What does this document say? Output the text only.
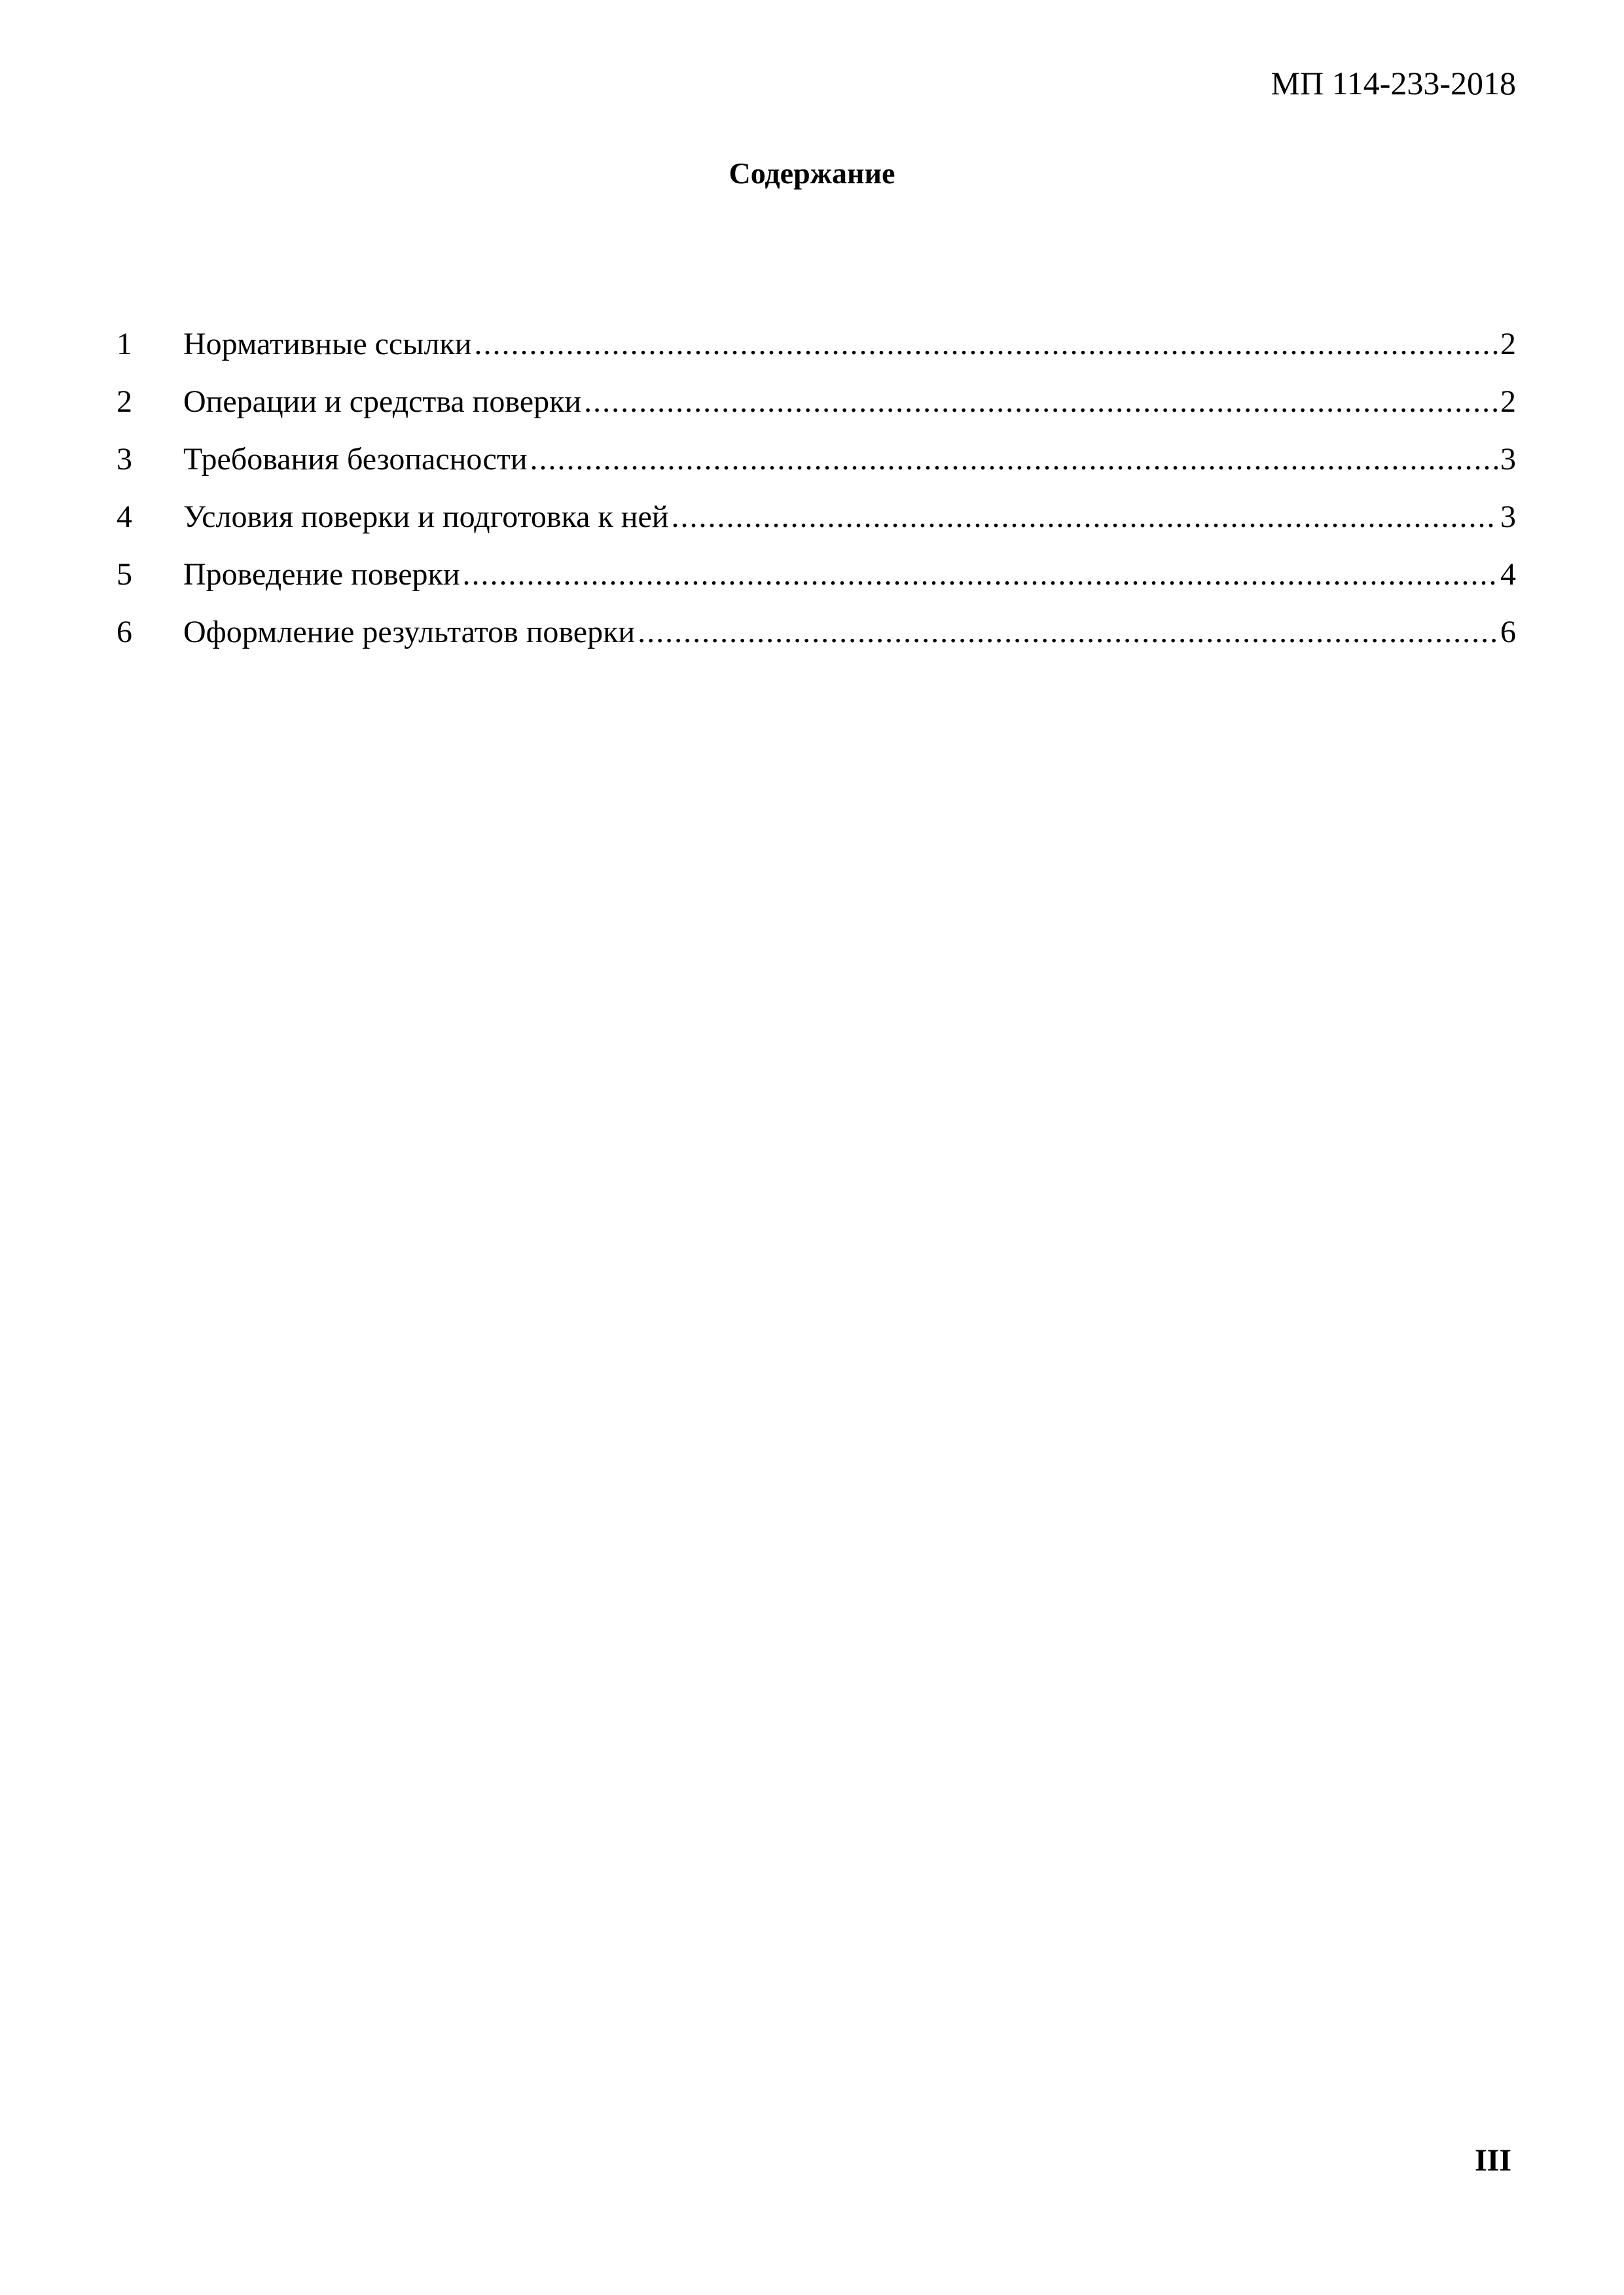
МП 114-233-2018
Содержание
1	Нормативные ссылки .....	2
2	Операции и средства поверки .....	2
3	Требования безопасности .....	3
4	Условия поверки и подготовка к ней .....	3
5	Проведение поверки .....	4
6	Оформление результатов поверки .....	6
III
